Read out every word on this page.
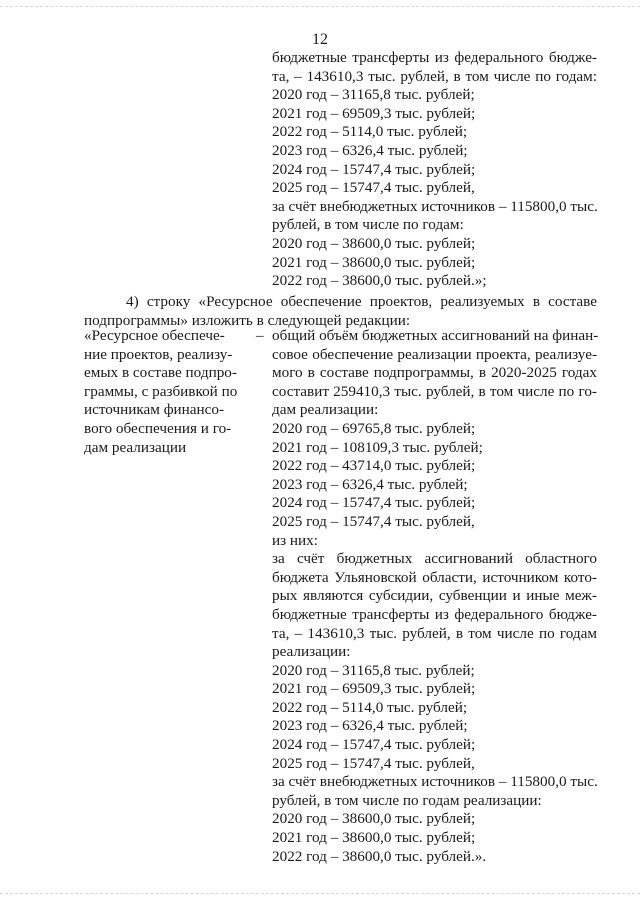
12
бюджетные трансферты из федерального бюдже-
та, – 143610,3 тыс. рублей, в том числе по годам:
2020 год – 31165,8 тыс. рублей;
2021 год – 69509,3 тыс. рублей;
2022 год – 5114,0 тыс. рублей;
2023 год – 6326,4 тыс. рублей;
2024 год – 15747,4 тыс. рублей;
2025 год – 15747,4 тыс. рублей,
за счёт внебюджетных источников – 115800,0 тыс.
рублей, в том числе по годам:
2020 год – 38600,0 тыс. рублей;
2021 год – 38600,0 тыс. рублей;
2022 год – 38600,0 тыс. рублей.»;
4) строку «Ресурсное обеспечение проектов, реализуемых в составе
подпрограммы» изложить в следующей редакции:
«Ресурсное обеспече-
ние проектов, реализу-
емых в составе подпро-
граммы, с разбивкой по
источникам финансо-
вого обеспечения и го-
дам реализации
– общий объём бюджетных ассигнований на финан-
совое обеспечение реализации проекта, реализуе-
мого в составе подпрограммы, в 2020-2025 годах
составит 259410,3 тыс. рублей, в том числе по го-
дам реализации:
2020 год – 69765,8 тыс. рублей;
2021 год – 108109,3 тыс. рублей;
2022 год – 43714,0 тыс. рублей;
2023 год – 6326,4 тыс. рублей;
2024 год – 15747,4 тыс. рублей;
2025 год – 15747,4 тыс. рублей,
из них:
за счёт бюджетных ассигнований областного
бюджета Ульяновской области, источником кото-
рых являются субсидии, субвенции и иные меж-
бюджетные трансферты из федерального бюдже-
та, – 143610,3 тыс. рублей, в том числе по годам
реализации:
2020 год – 31165,8 тыс. рублей;
2021 год – 69509,3 тыс. рублей;
2022 год – 5114,0 тыс. рублей;
2023 год – 6326,4 тыс. рублей;
2024 год – 15747,4 тыс. рублей;
2025 год – 15747,4 тыс. рублей,
за счёт внебюджетных источников – 115800,0 тыс.
рублей, в том числе по годам реализации:
2020 год – 38600,0 тыс. рублей;
2021 год – 38600,0 тыс. рублей;
2022 год – 38600,0 тыс. рублей.».
